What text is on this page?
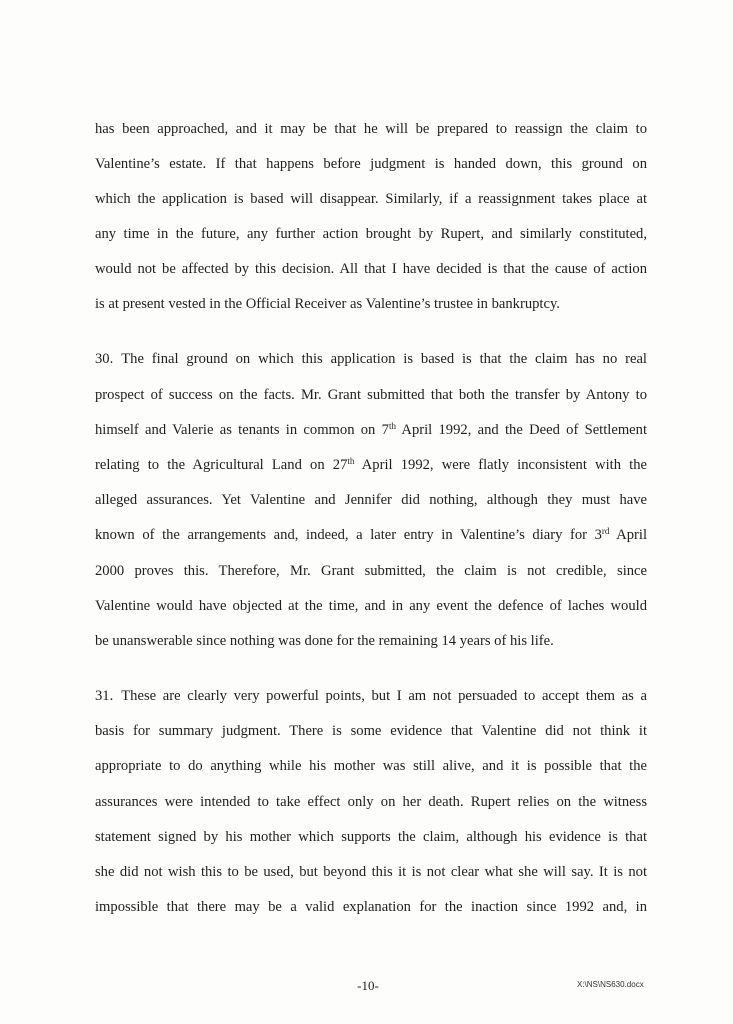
has been approached, and it may be that he will be prepared to reassign the claim to
Valentine’s estate. If that happens before judgment is handed down, this ground on
which the application is based will disappear. Similarly, if a reassignment takes place at
any time in the future, any further action brought by Rupert, and similarly constituted,
would not be affected by this decision. All that I have decided is that the cause of action
is at present vested in the Official Receiver as Valentine’s trustee in bankruptcy.
30. The final ground on which this application is based is that the claim has no real
prospect of success on the facts. Mr. Grant submitted that both the transfer by Antony to
himself and Valerie as tenants in common on 7th April 1992, and the Deed of Settlement
relating to the Agricultural Land on 27th April 1992, were flatly inconsistent with the
alleged assurances. Yet Valentine and Jennifer did nothing, although they must have
known of the arrangements and, indeed, a later entry in Valentine’s diary for 3rd April
2000 proves this. Therefore, Mr. Grant submitted, the claim is not credible, since
Valentine would have objected at the time, and in any event the defence of laches would
be unanswerable since nothing was done for the remaining 14 years of his life.
31. These are clearly very powerful points, but I am not persuaded to accept them as a
basis for summary judgment. There is some evidence that Valentine did not think it
appropriate to do anything while his mother was still alive, and it is possible that the
assurances were intended to take effect only on her death. Rupert relies on the witness
statement signed by his mother which supports the claim, although his evidence is that
she did not wish this to be used, but beyond this it is not clear what she will say. It is not
impossible that there may be a valid explanation for the inaction since 1992 and, in
-10-	X:\NS\NS630.docx
